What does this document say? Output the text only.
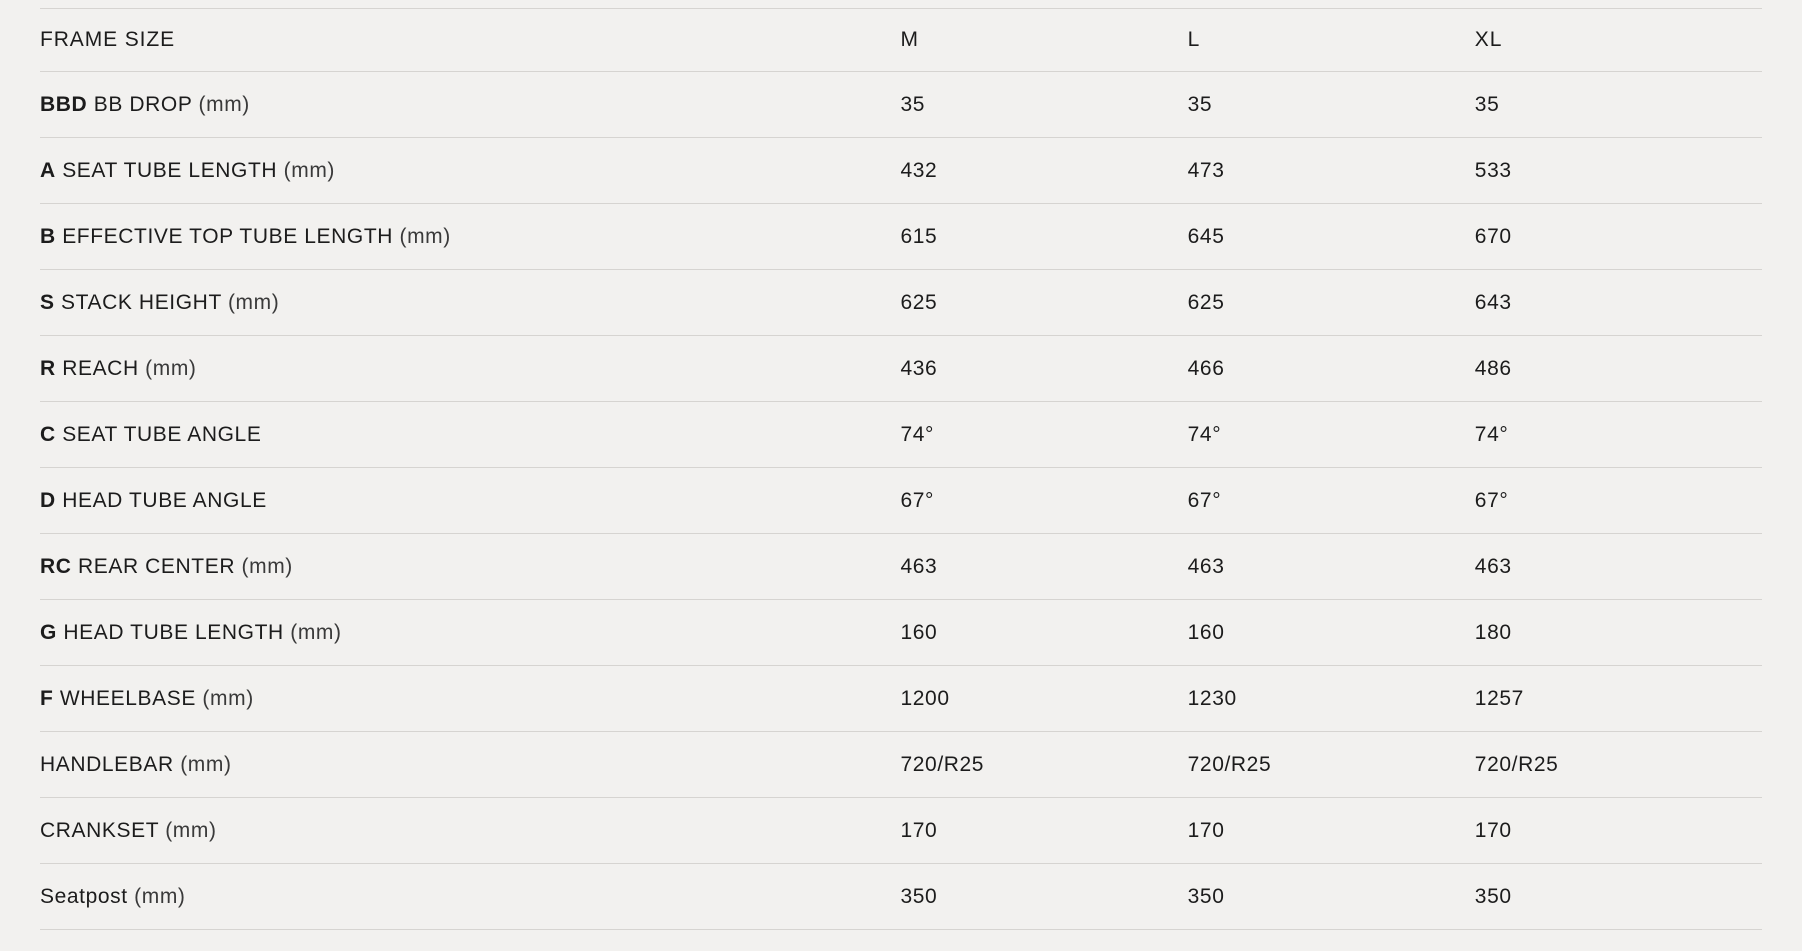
FRAME SIZE	M	L	XL
BBD BB DROP (mm)	35	35	35
A SEAT TUBE LENGTH (mm)	432	473	533
B EFFECTIVE TOP TUBE LENGTH (mm)	615	645	670
S STACK HEIGHT (mm)	625	625	643
R REACH (mm)	436	466	486
C SEAT TUBE ANGLE	74°	74°	74°
D HEAD TUBE ANGLE	67°	67°	67°
RC REAR CENTER (mm)	463	463	463
G HEAD TUBE LENGTH (mm)	160	160	180
F WHEELBASE (mm)	1200	1230	1257
HANDLEBAR (mm)	720/R25	720/R25	720/R25
CRANKSET (mm)	170	170	170
Seatpost (mm)	350	350	350
